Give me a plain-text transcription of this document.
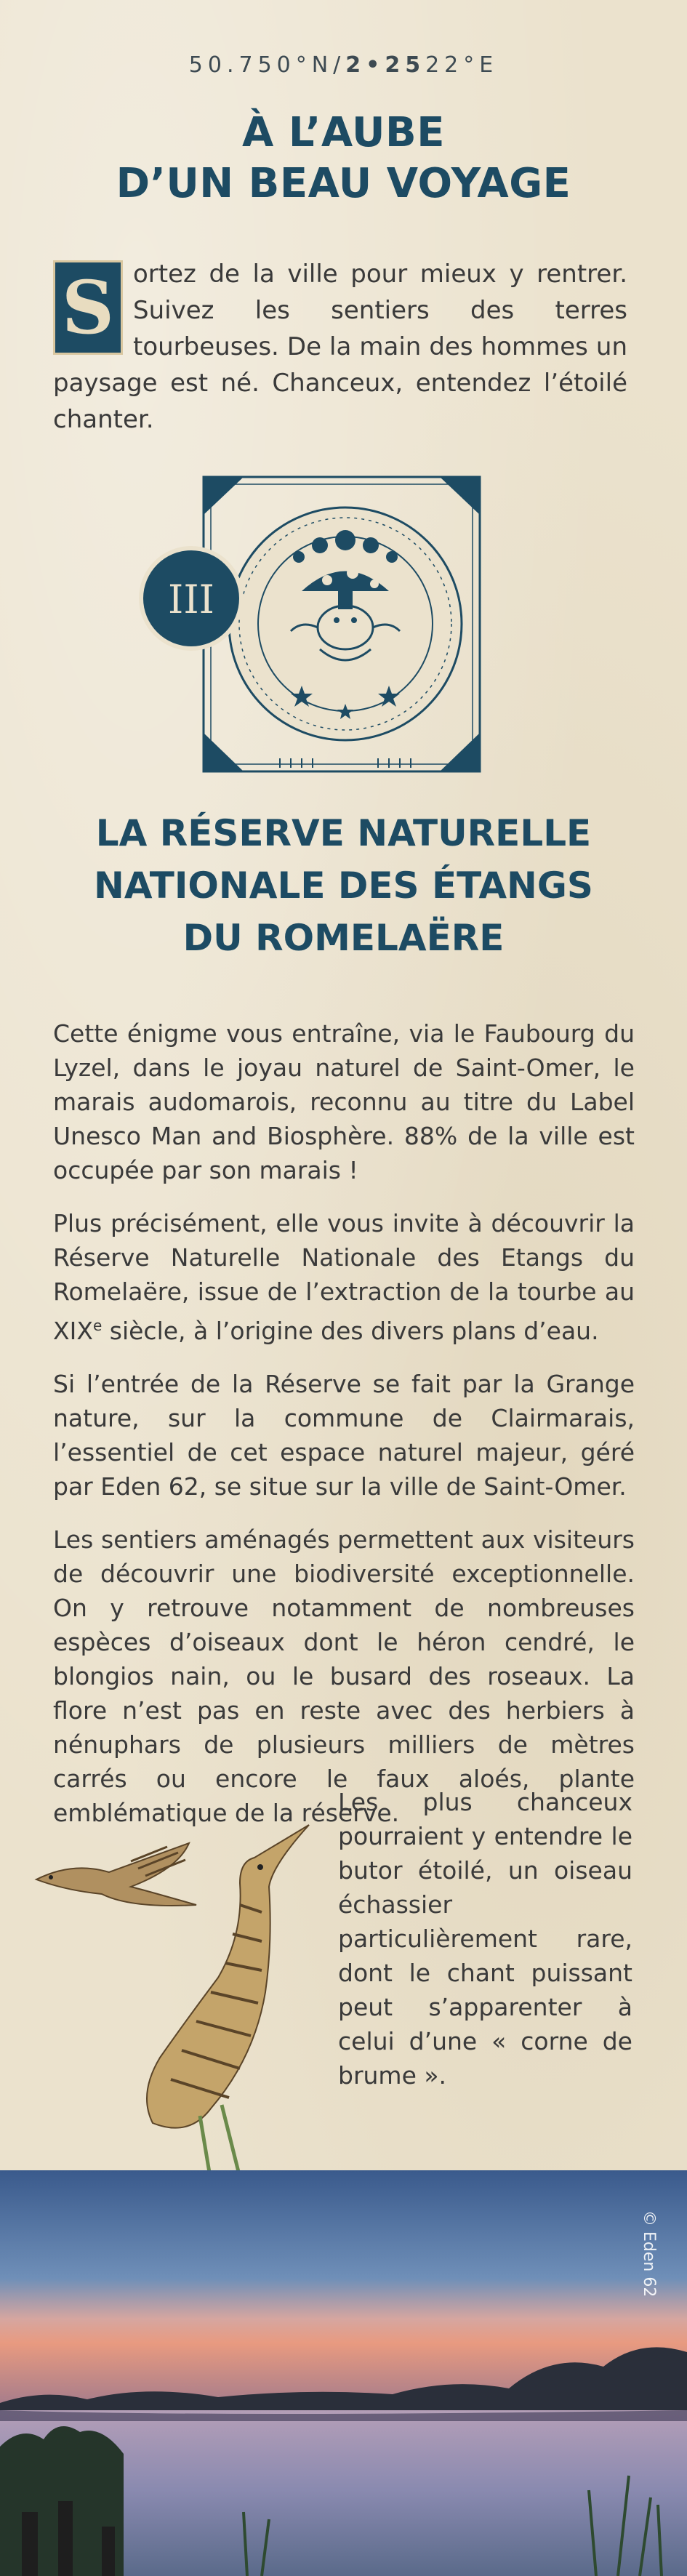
50.750°N/2•2522°E
À L’AUBE
D’UN BEAU VOYAGE
S ortez de la ville pour mieux y rentrer. Suivez les sentiers des terres tourbeuses. De la main des hommes un paysage est né. Chanceux, entendez l’étoilé chanter.
III
LA RÉSERVE NATURELLE
NATIONALE DES ÉTANGS
DU ROMELAËRE

Cette énigme vous entraîne, via le Faubourg du Lyzel, dans le joyau naturel de Saint-Omer, le marais audomarois, reconnu au titre du Label Unesco Man and Biosphère. 88% de la ville est occupée par son marais !

Plus précisément, elle vous invite à découvrir la Réserve Naturelle Nationale des Etangs du Romelaëre, issue de l’extraction de la tourbe au XIXe siècle, à l’origine des divers plans d’eau.

Si l’entrée de la Réserve se fait par la Grange nature, sur la commune de Clairmarais, l’essentiel de cet espace naturel majeur, géré par Eden 62, se situe sur la ville de Saint-Omer.

Les sentiers aménagés permettent aux visiteurs de découvrir une biodiversité exceptionnelle. On y retrouve notamment de nombreuses espèces d’oiseaux dont le héron cendré, le blongios nain, ou le busard des roseaux. La flore n’est pas en reste avec des herbiers à nénuphars de plusieurs milliers de mètres carrés ou encore le faux aloés, plante emblématique de la réserve.

Les plus chanceux pourraient y entendre le butor étoilé, un oiseau échassier particulièrement rare, dont le chant puissant peut s’apparenter à celui d’une « corne de brume ».
© Eden 62
